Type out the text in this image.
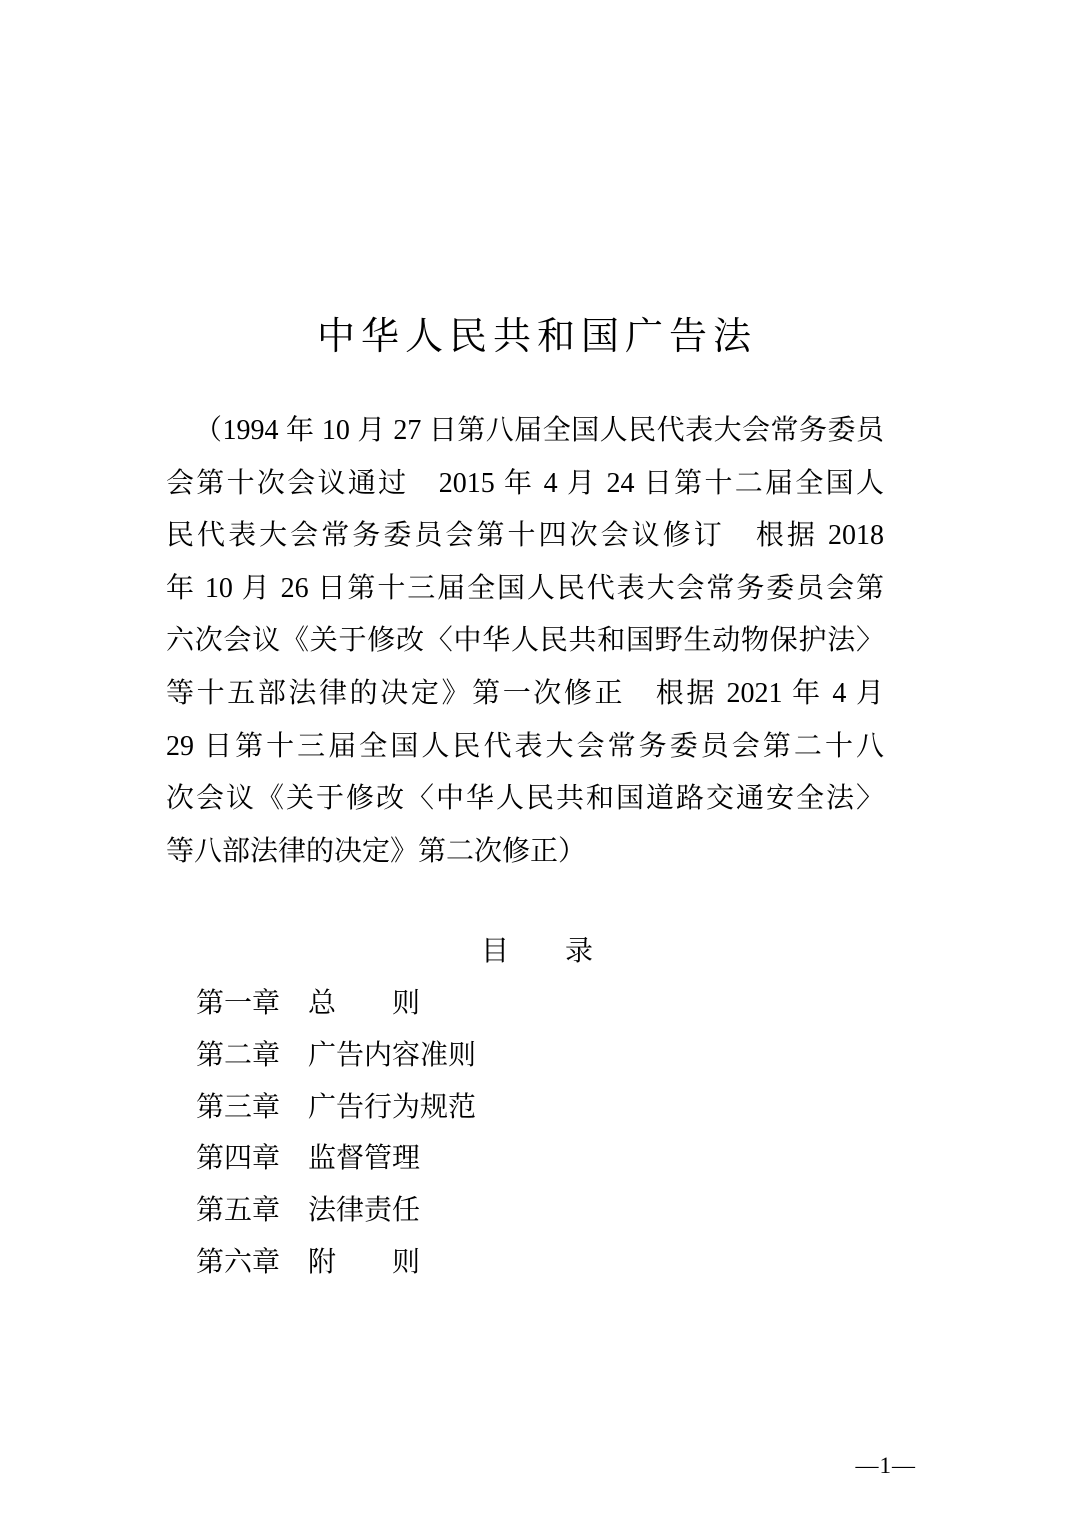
中华人民共和国广告法
（1994 年 10 月 27 日第八届全国人民代表大会常务委员
会第十次会议通过　2015 年 4 月 24 日第十二届全国人
民代表大会常务委员会第十四次会议修订　根据 2018
年 10 月 26 日第十三届全国人民代表大会常务委员会第
六次会议《关于修改〈中华人民共和国野生动物保护法〉
等十五部法律的决定》第一次修正　根据 2021 年 4 月
29 日第十三届全国人民代表大会常务委员会第二十八
次会议《关于修改〈中华人民共和国道路交通安全法〉
等八部法律的决定》第二次修正）
目　　录
第一章　总　　则
第二章　广告内容准则
第三章　广告行为规范
第四章　监督管理
第五章　法律责任
第六章　附　　则
—1—
